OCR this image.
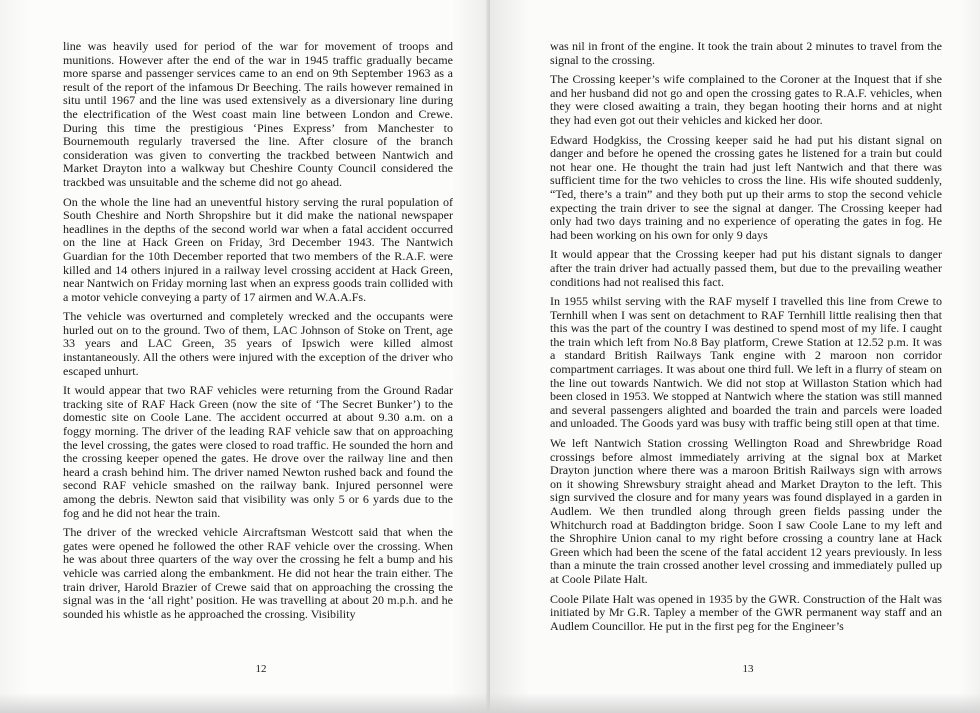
line was heavily used for period of the war for movement of troops and munitions. However after the end of the war in 1945 traffic gradually became more sparse and passenger services came to an end on 9th September 1963 as a result of the report of the infamous Dr Beeching. The rails however remained in situ until 1967 and the line was used extensively as a diversionary line during the electrification of the West coast main line between London and Crewe. During this time the prestigious ‘Pines Express’ from Manchester to Bournemouth regularly traversed the line. After closure of the branch consideration was given to converting the trackbed between Nantwich and Market Drayton into a walkway but Cheshire County Council considered the trackbed was unsuitable and the scheme did not go ahead.

On the whole the line had an uneventful history serving the rural population of South Cheshire and North Shropshire but it did make the national newspaper headlines in the depths of the second world war when a fatal accident occurred on the line at Hack Green on Friday, 3rd December 1943. The Nantwich Guardian for the 10th December reported that two members of the R.A.F. were killed and 14 others injured in a railway level crossing accident at Hack Green, near Nantwich on Friday morning last when an express goods train collided with a motor vehicle conveying a party of 17 airmen and W.A.A.Fs.

The vehicle was overturned and completely wrecked and the occupants were hurled out on to the ground. Two of them, LAC Johnson of Stoke on Trent, age 33 years and LAC Green, 35 years of Ipswich were killed almost instantaneously. All the others were injured with the exception of the driver who escaped unhurt.

It would appear that two RAF vehicles were returning from the Ground Radar tracking site of RAF Hack Green (now the site of ‘The Secret Bunker’) to the domestic site on Coole Lane. The accident occurred at about 9.30 a.m. on a foggy morning. The driver of the leading RAF vehicle saw that on approaching the level crossing, the gates were closed to road traffic. He sounded the horn and the crossing keeper opened the gates. He drove over the railway line and then heard a crash behind him. The driver named Newton rushed back and found the second RAF vehicle smashed on the railway bank. Injured personnel were among the debris. Newton said that visibility was only 5 or 6 yards due to the fog and he did not hear the train.

The driver of the wrecked vehicle Aircraftsman Westcott said that when the gates were opened he followed the other RAF vehicle over the crossing. When he was about three quarters of the way over the crossing he felt a bump and his vehicle was carried along the embankment. He did not hear the train either. The train driver, Harold Brazier of Crewe said that on approaching the crossing the signal was in the ‘all right’ position. He was travelling at about 20 m.p.h. and he sounded his whistle as he approached the crossing. Visibility

12

was nil in front of the engine. It took the train about 2 minutes to travel from the signal to the crossing.

The Crossing keeper’s wife complained to the Coroner at the Inquest that if she and her husband did not go and open the crossing gates to R.A.F. vehicles, when they were closed awaiting a train, they began hooting their horns and at night they had even got out their vehicles and kicked her door.

Edward Hodgkiss, the Crossing keeper said he had put his distant signal on danger and before he opened the crossing gates he listened for a train but could not hear one. He thought the train had just left Nantwich and that there was sufficient time for the two vehicles to cross the line. His wife shouted suddenly, “Ted, there’s a train” and they both put up their arms to stop the second vehicle expecting the train driver to see the signal at danger. The Crossing keeper had only had two days training and no experience of operating the gates in fog. He had been working on his own for only 9 days

It would appear that the Crossing keeper had put his distant signals to danger after the train driver had actually passed them, but due to the prevailing weather conditions had not realised this fact.

In 1955 whilst serving with the RAF myself I travelled this line from Crewe to Ternhill when I was sent on detachment to RAF Ternhill little realising then that this was the part of the country I was destined to spend most of my life. I caught the train which left from No.8 Bay platform, Crewe Station at 12.52 p.m. It was a standard British Railways Tank engine with 2 maroon non corridor compartment carriages. It was about one third full. We left in a flurry of steam on the line out towards Nantwich. We did not stop at Willaston Station which had been closed in 1953. We stopped at Nantwich where the station was still manned and several passengers alighted and boarded the train and parcels were loaded and unloaded. The Goods yard was busy with traffic being still open at that time.

We left Nantwich Station crossing Wellington Road and Shrewbridge Road crossings before almost immediately arriving at the signal box at Market Drayton junction where there was a maroon British Railways sign with arrows on it showing Shrewsbury straight ahead and Market Drayton to the left. This sign survived the closure and for many years was found displayed in a garden in Audlem. We then trundled along through green fields passing under the Whitchurch road at Baddington bridge. Soon I saw Coole Lane to my left and the Shrophire Union canal to my right before crossing a country lane at Hack Green which had been the scene of the fatal accident 12 years previously. In less than a minute the train crossed another level crossing and immediately pulled up at Coole Pilate Halt.

Coole Pilate Halt was opened in 1935 by the GWR. Construction of the Halt was initiated by Mr G.R. Tapley a member of the GWR permanent way staff and an Audlem Councillor. He put in the first peg for the Engineer’s

13
